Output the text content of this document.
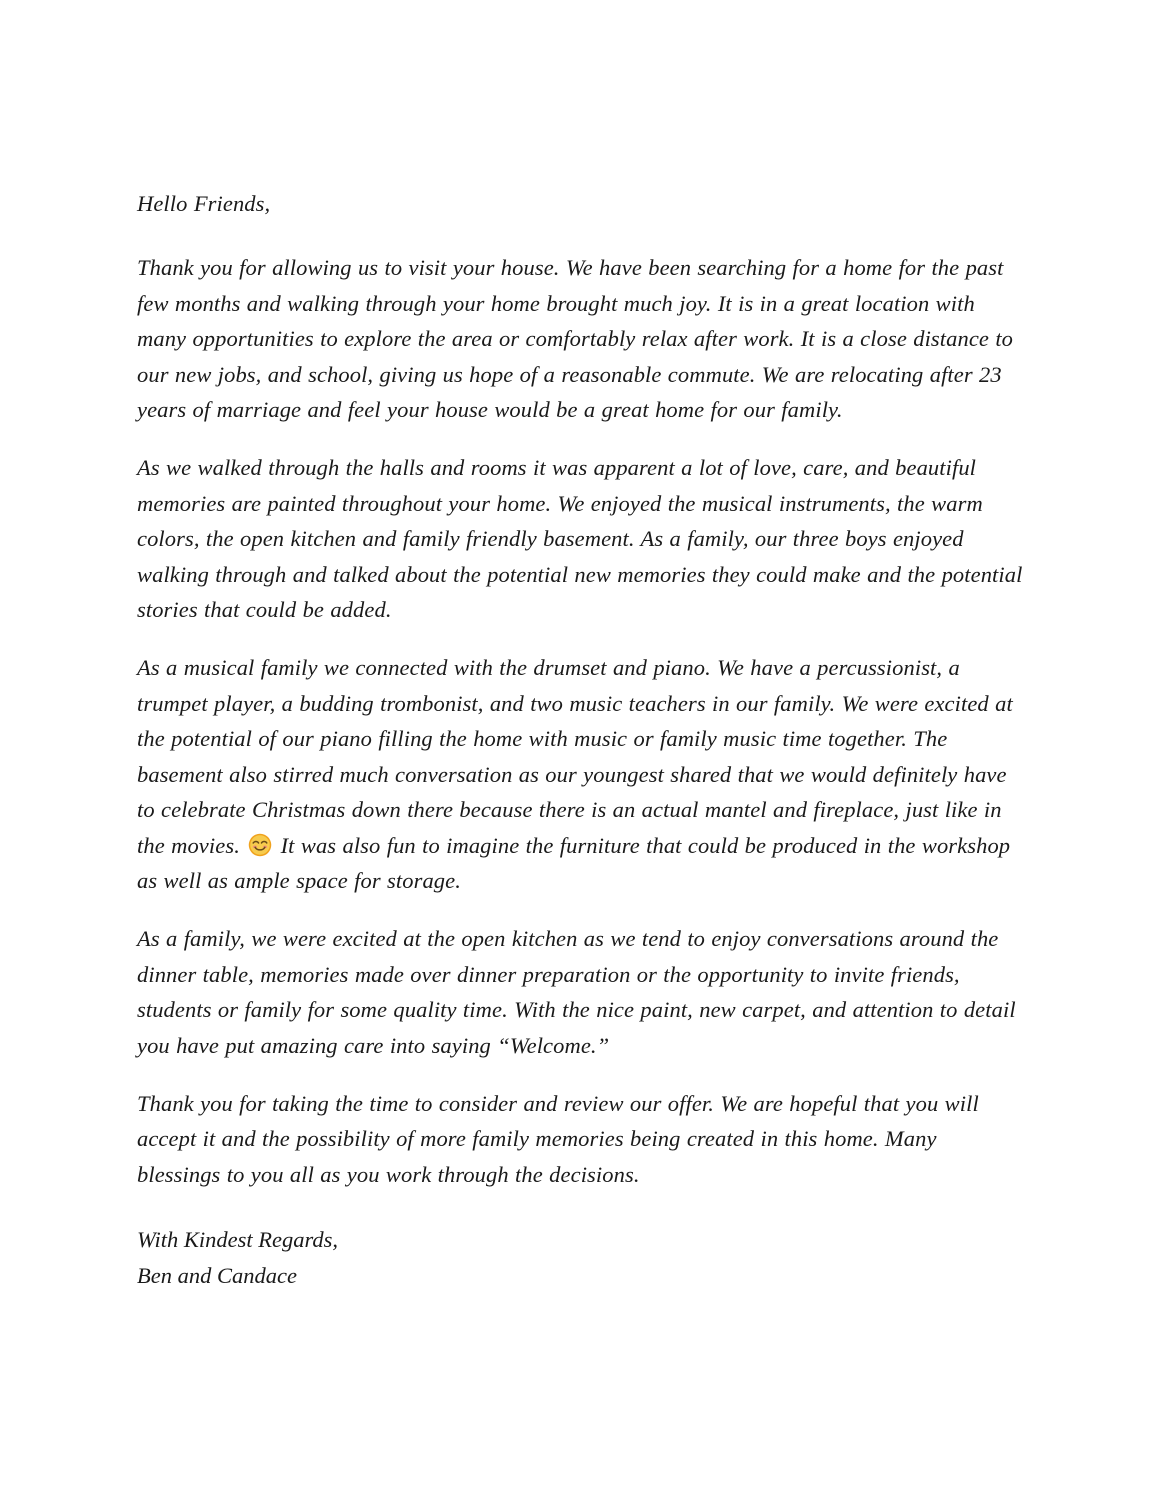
Hello Friends,

Thank you for allowing us to visit your house. We have been searching for a home for the past few months and walking through your home brought much joy. It is in a great location with many opportunities to explore the area or comfortably relax after work. It is a close distance to our new jobs, and school, giving us hope of a reasonable commute. We are relocating after 23 years of marriage and feel your house would be a great home for our family.

As we walked through the halls and rooms it was apparent a lot of love, care, and beautiful memories are painted throughout your home. We enjoyed the musical instruments, the warm colors, the open kitchen and family friendly basement. As a family, our three boys enjoyed walking through and talked about the potential new memories they could make and the potential stories that could be added.

As a musical family we connected with the drumset and piano. We have a percussionist, a trumpet player, a budding trombonist, and two music teachers in our family. We were excited at the potential of our piano filling the home with music or family music time together. The basement also stirred much conversation as our youngest shared that we would definitely have to celebrate Christmas down there because there is an actual mantel and fireplace, just like in the movies.
It was also fun to imagine the furniture that could be produced in the workshop as well as ample space for storage.

As a family, we were excited at the open kitchen as we tend to enjoy conversations around the dinner table, memories made over dinner preparation or the opportunity to invite friends, students or family for some quality time. With the nice paint, new carpet, and attention to detail you have put amazing care into saying “Welcome.”

Thank you for taking the time to consider and review our offer. We are hopeful that you will accept it and the possibility of more family memories being created in this home. Many blessings to you all as you work through the decisions.

With Kindest Regards,
Ben and Candace
